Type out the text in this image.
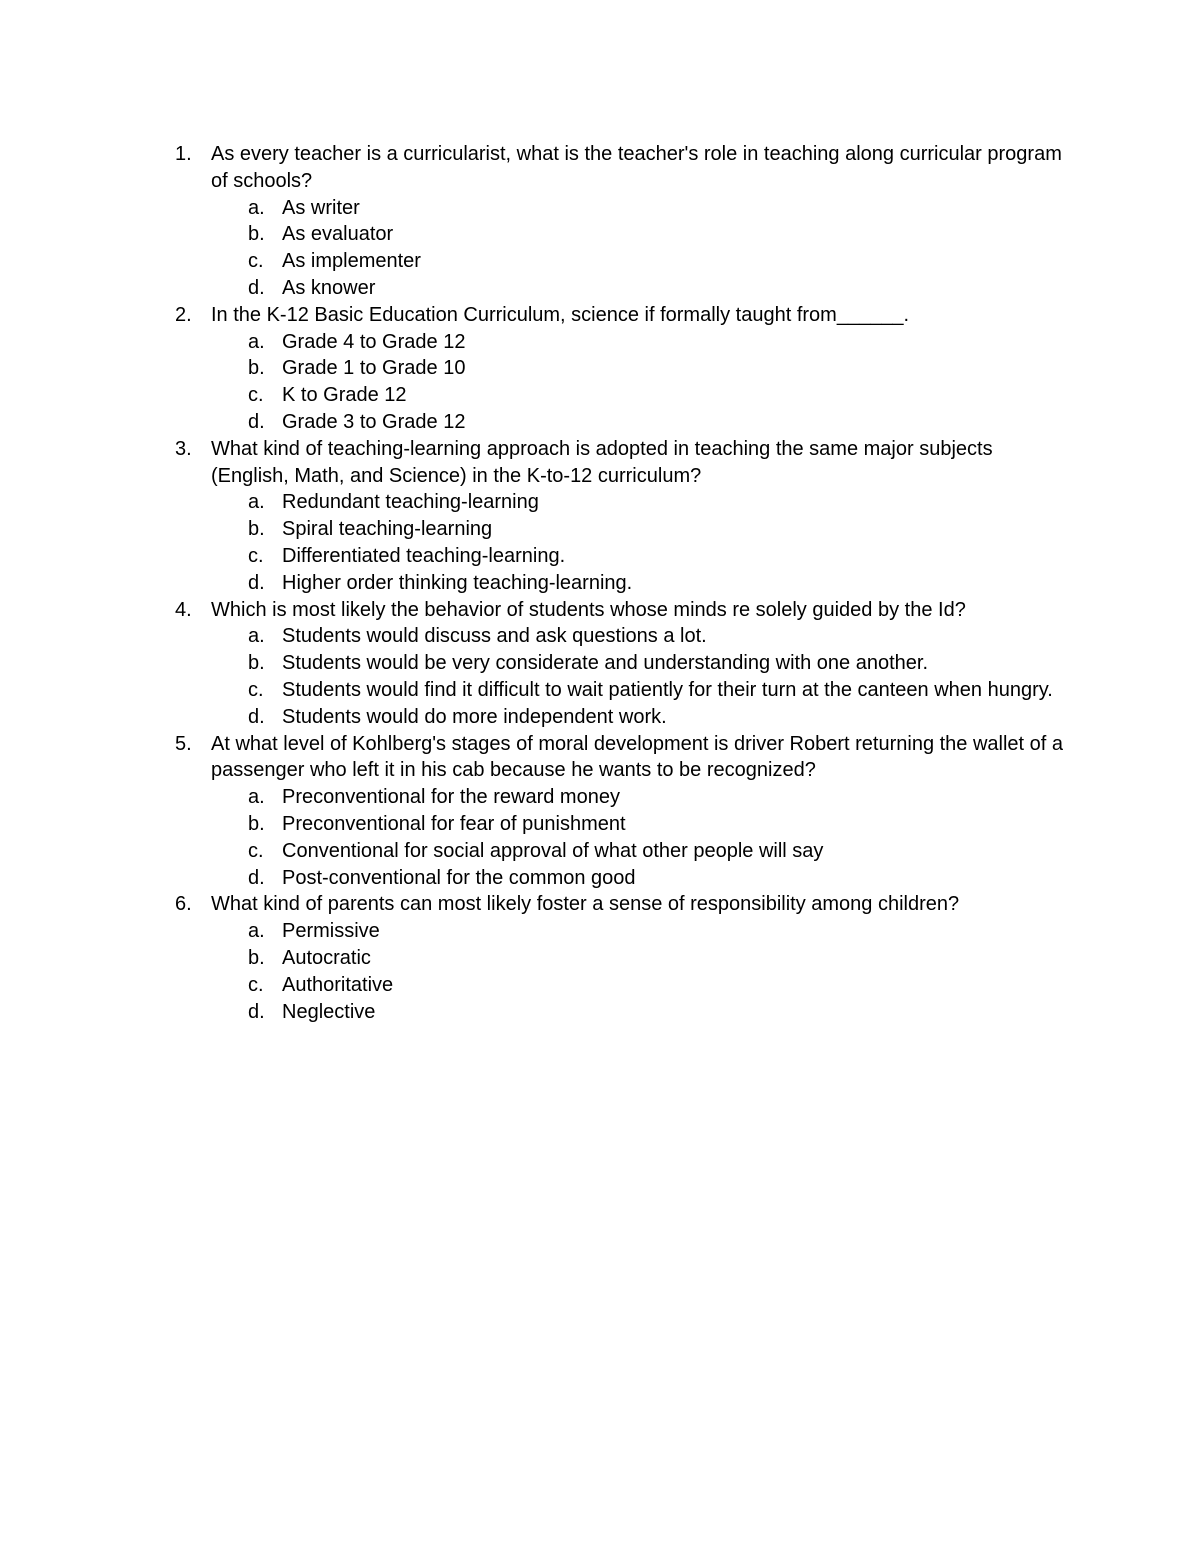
1. As every teacher is a curricularist, what is the teacher's role in teaching along curricular program of schools?
a. As writer
b. As evaluator
c. As implementer
d. As knower
2. In the K-12 Basic Education Curriculum, science if formally taught from______.
a. Grade 4 to Grade 12
b. Grade 1 to Grade 10
c. K to Grade 12
d. Grade 3 to Grade 12
3. What kind of teaching-learning approach is adopted in teaching the same major subjects (English, Math, and Science) in the K-to-12 curriculum?
a. Redundant teaching-learning
b. Spiral teaching-learning
c. Differentiated teaching-learning.
d. Higher order thinking teaching-learning.
4. Which is most likely the behavior of students whose minds re solely guided by the Id?
a. Students would discuss and ask questions a lot.
b. Students would be very considerate and understanding with one another.
c. Students would find it difficult to wait patiently for their turn at the canteen when hungry.
d. Students would do more independent work.
5. At what level of Kohlberg's stages of moral development is driver Robert returning the wallet of a passenger who left it in his cab because he wants to be recognized?
a. Preconventional for the reward money
b. Preconventional for fear of punishment
c. Conventional for social approval of what other people will say
d. Post-conventional for the common good
6. What kind of parents can most likely foster a sense of responsibility among children?
a. Permissive
b. Autocratic
c. Authoritative
d. Neglective
